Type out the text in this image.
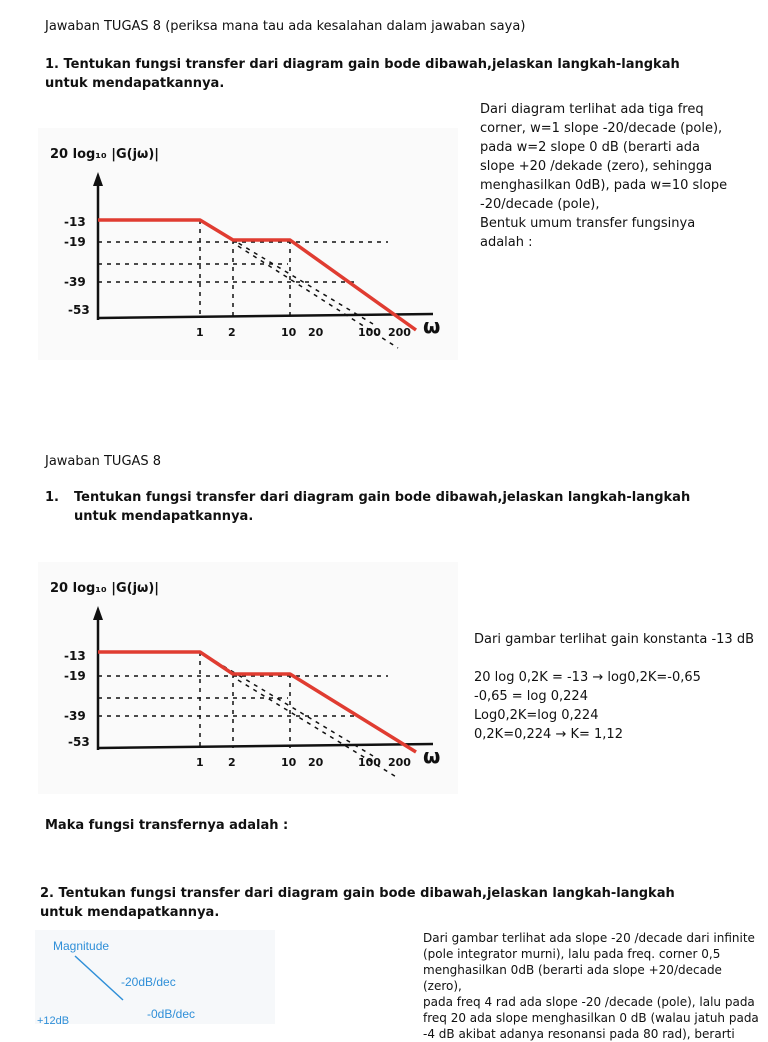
Jawaban TUGAS 8 (periksa mana tau ada kesalahan dalam jawaban saya)
1. Tentukan fungsi transfer dari diagram gain bode dibawah,jelaskan langkah-langkah
untuk mendapatkannya.
20 log₁₀ |G(jω)|
-13
-19
-39
-53
1 2	10 20	100 200 ω
Dari diagram terlihat ada tiga freq
corner, w=1 slope -20/decade (pole),
pada w=2 slope 0 dB (berarti ada
slope +20 /dekade (zero), sehingga
menghasilkan 0dB), pada w=10 slope
-20/decade (pole),
Bentuk umum transfer fungsinya
adalah :
Jawaban TUGAS 8
1. Tentukan fungsi transfer dari diagram gain bode dibawah,jelaskan langkah-langkah
untuk mendapatkannya.
20 log₁₀ |G(jω)|
-13
-19
-39
-53
1 2	10 20	100 200 ω
Dari gambar terlihat gain konstanta -13 dB
20 log 0,2K = -13 → log0,2K=-0,65
-0,65 = log 0,224
Log0,2K=log 0,224
0,2K=0,224 → K= 1,12
Maka fungsi transfernya adalah :
2. Tentukan fungsi transfer dari diagram gain bode dibawah,jelaskan langkah-langkah
untuk mendapatkannya.
Magnitude
-20dB/dec
-0dB/dec
+12dB
Dari gambar terlihat ada slope -20 /decade dari infinite
(pole integrator murni), lalu pada freq. corner 0,5
menghasilkan 0dB (berarti ada slope +20/decade (zero),
pada freq 4 rad ada slope -20 /decade (pole), lalu pada
freq 20 ada slope menghasilkan 0 dB (walau jatuh pada
-4 dB akibat adanya resonansi pada 80 rad), berarti
